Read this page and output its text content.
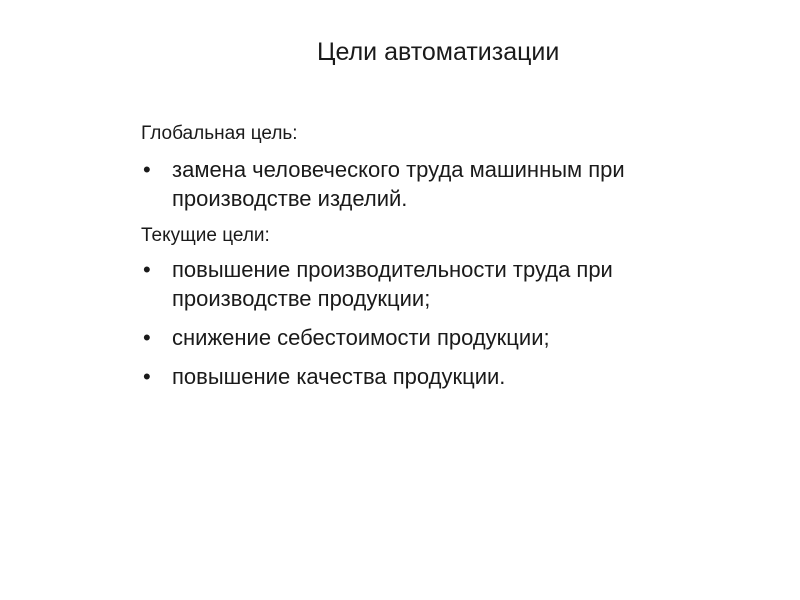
Цели автоматизации

Глобальная цель:

• замена человеческого труда машинным при
производстве изделий.

Текущие цели:

• повышение производительности труда при
производстве продукции;
• снижение себестоимости продукции;
• повышение качества продукции.
